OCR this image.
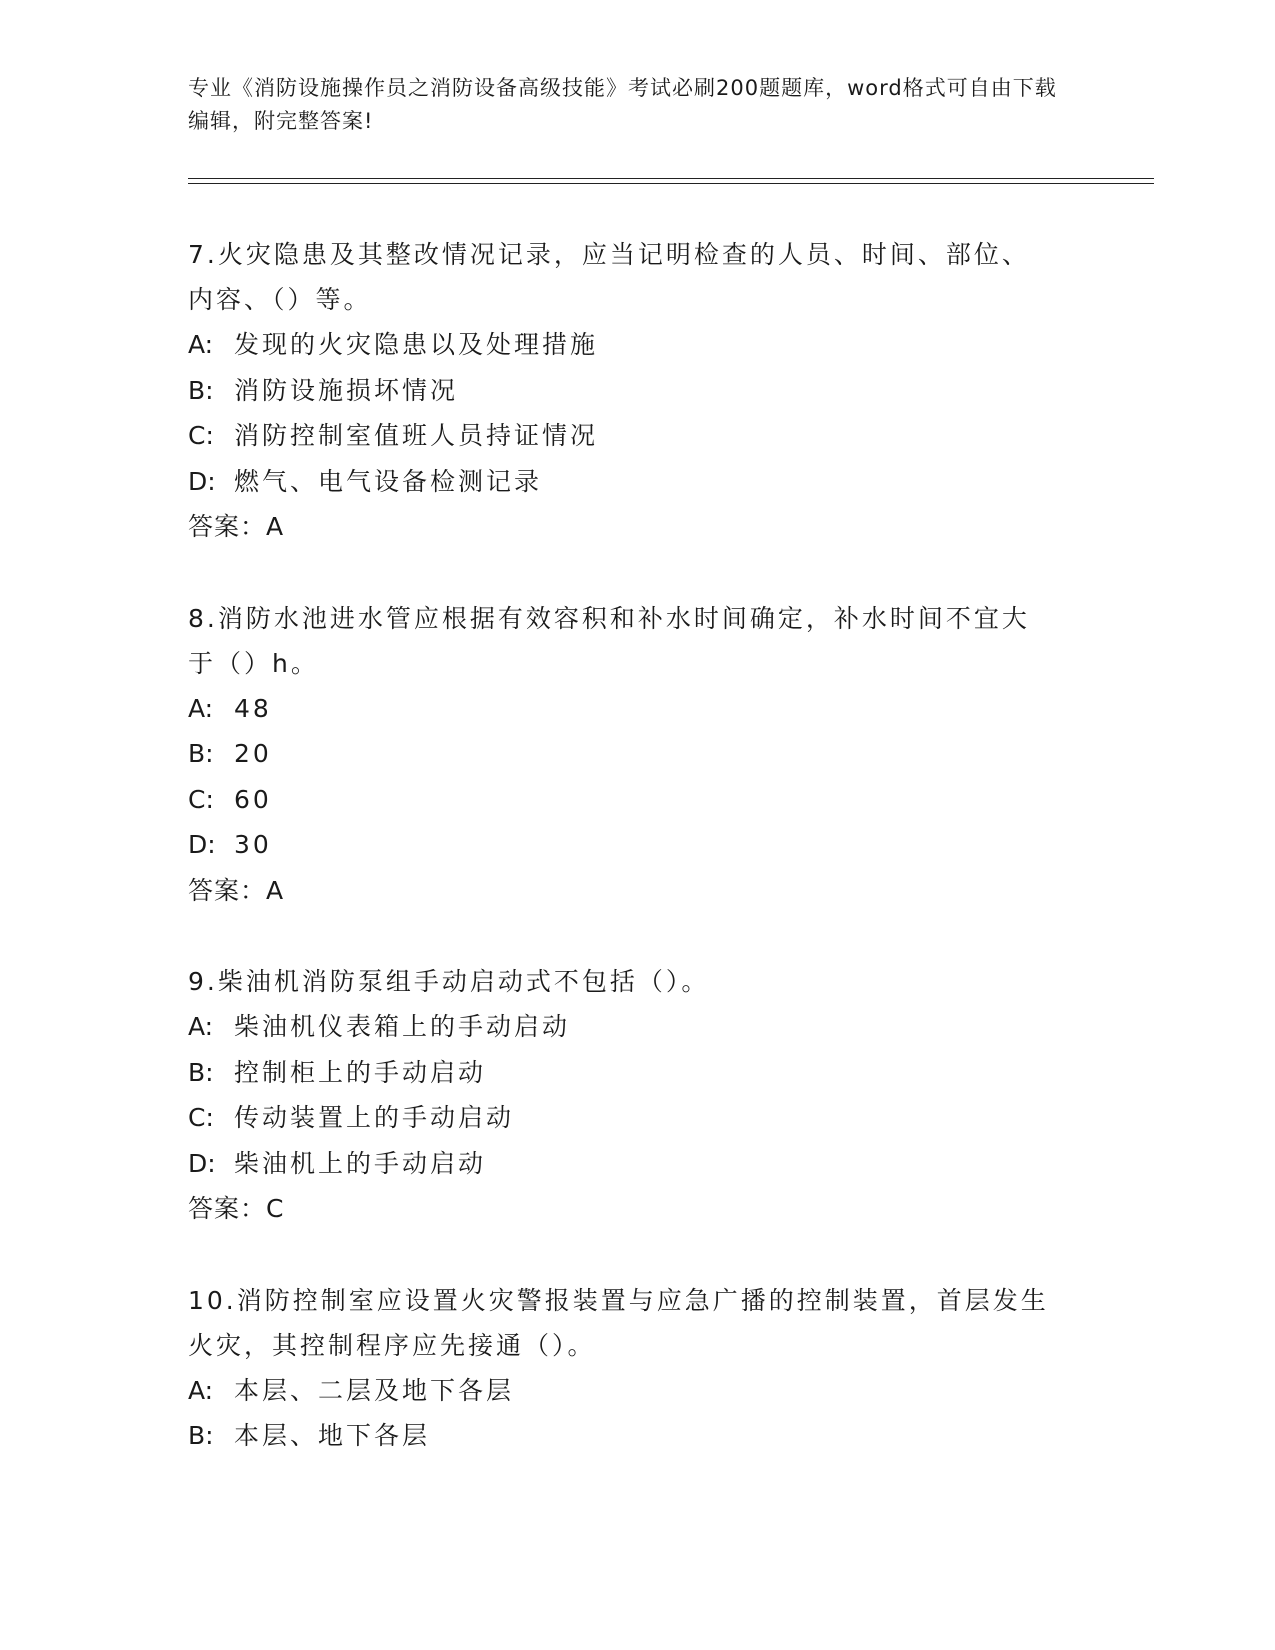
专业《消防设施操作员之消防设备高级技能》考试必刷200题题库，word格式可自由下载编辑，附完整答案!

7.火灾隐患及其整改情况记录，应当记明检查的人员、时间、部位、内容、（）等。

A: 发现的火灾隐患以及处理措施

B: 消防设施损坏情况

C: 消防控制室值班人员持证情况

D: 燃气、电气设备检测记录

答案：A

8.消防水池进水管应根据有效容积和补水时间确定，补水时间不宜大于（）h。

A: 48

B: 20

C: 60

D: 30

答案：A

9.柴油机消防泵组手动启动式不包括（）。

A: 柴油机仪表箱上的手动启动

B: 控制柜上的手动启动

C: 传动装置上的手动启动

D: 柴油机上的手动启动

答案：C

10.消防控制室应设置火灾警报装置与应急广播的控制装置，首层发生火灾，其控制程序应先接通（）。

A: 本层、二层及地下各层

B: 本层、地下各层
